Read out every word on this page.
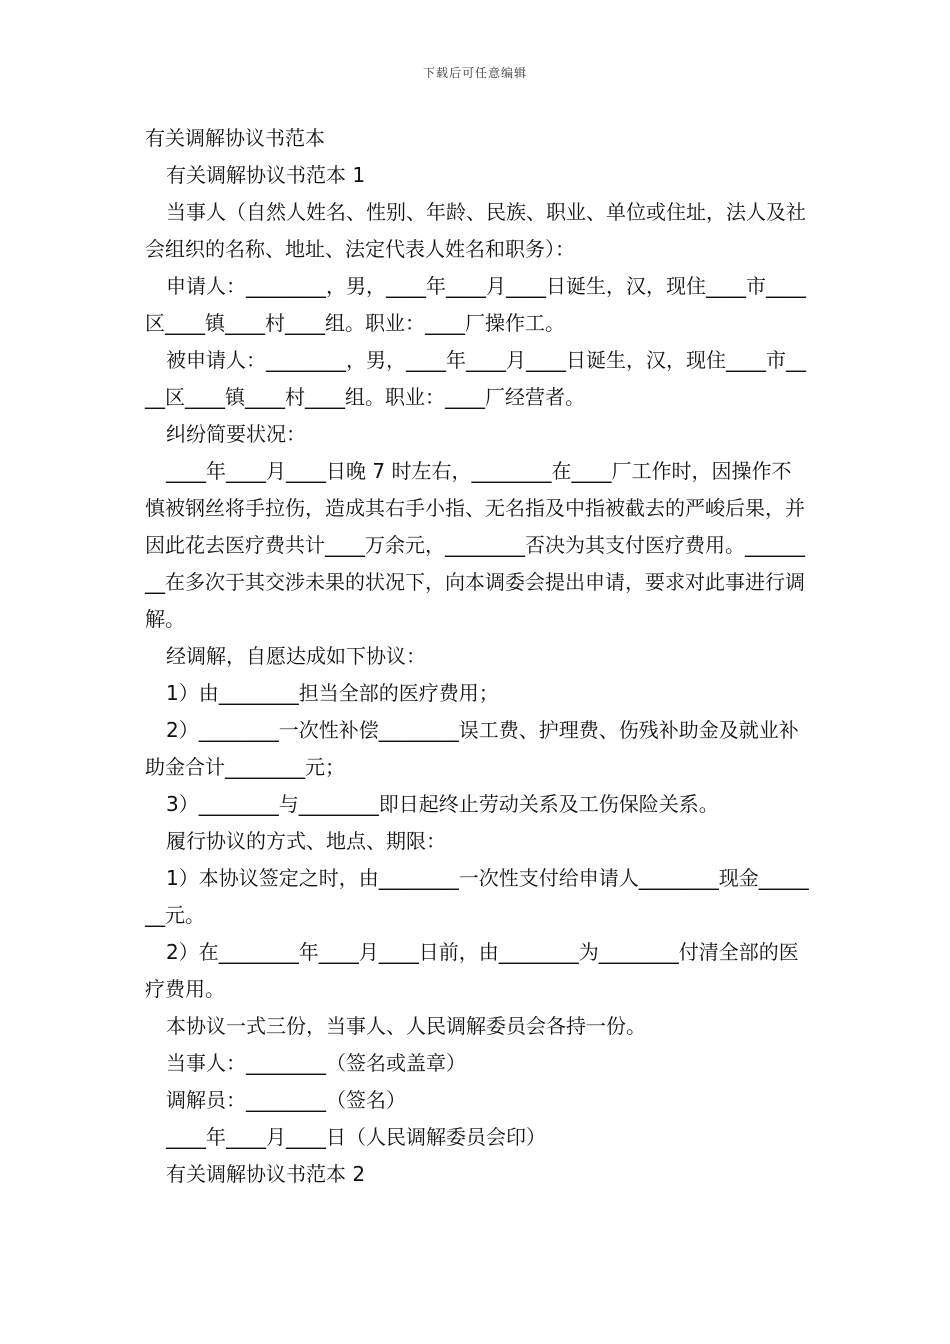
下载后可任意编辑

有关调解协议书范本

有关调解协议书范本 1

当事人（自然人姓名、性别、年龄、民族、职业、单位或住址，法人及社会组织的名称、地址、法定代表人姓名和职务）：

申请人：________，男，____年____月____日诞生，汉，现住____市____区____镇____村____组。职业：____厂操作工。

被申请人：________，男，____年____月____日诞生，汉，现住____市____区____镇____村____组。职业：____厂经营者。

纠纷简要状况：

____年____月____日晚 7 时左右，________在____厂工作时，因操作不慎被钢丝将手拉伤，造成其右手小指、无名指及中指被截去的严峻后果，并因此花去医疗费共计____万余元，________否决为其支付医疗费用。________在多次于其交涉未果的状况下，向本调委会提出申请，要求对此事进行调解。

经调解，自愿达成如下协议：

1）由________担当全部的医疗费用；

2）________一次性补偿________误工费、护理费、伤残补助金及就业补助金合计________元；

3）________与________即日起终止劳动关系及工伤保险关系。

履行协议的方式、地点、期限：

1）本协议签定之时，由________一次性支付给申请人________现金_______元。

2）在________年____月____日前，由________为________付清全部的医疗费用。

本协议一式三份，当事人、人民调解委员会各持一份。

当事人：________（签名或盖章）

调解员：________（签名）

____年____月____日（人民调解委员会印）

有关调解协议书范本 2
